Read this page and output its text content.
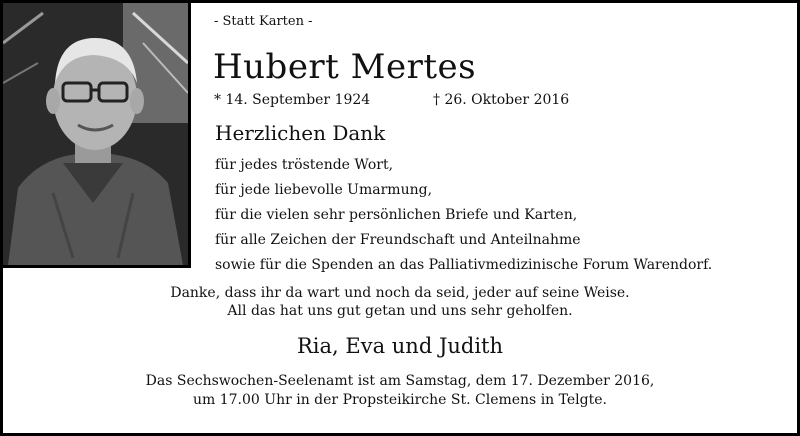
- Statt Karten -
Hubert Mertes
* 14. September 1924	† 26. Oktober 2016
Herzlichen Dank
für jedes tröstende Wort,
für jede liebevolle Umarmung,
für die vielen sehr persönlichen Briefe und Karten,
für alle Zeichen der Freundschaft und Anteilnahme
sowie für die Spenden an das Palliativmedizinische Forum Warendorf.
Danke, dass ihr da wart und noch da seid, jeder auf seine Weise.
All das hat uns gut getan und uns sehr geholfen.
Ria, Eva und Judith
Das Sechswochen-Seelenamt ist am Samstag, dem 17. Dezember 2016,
um 17.00 Uhr in der Propsteikirche St. Clemens in Telgte.
